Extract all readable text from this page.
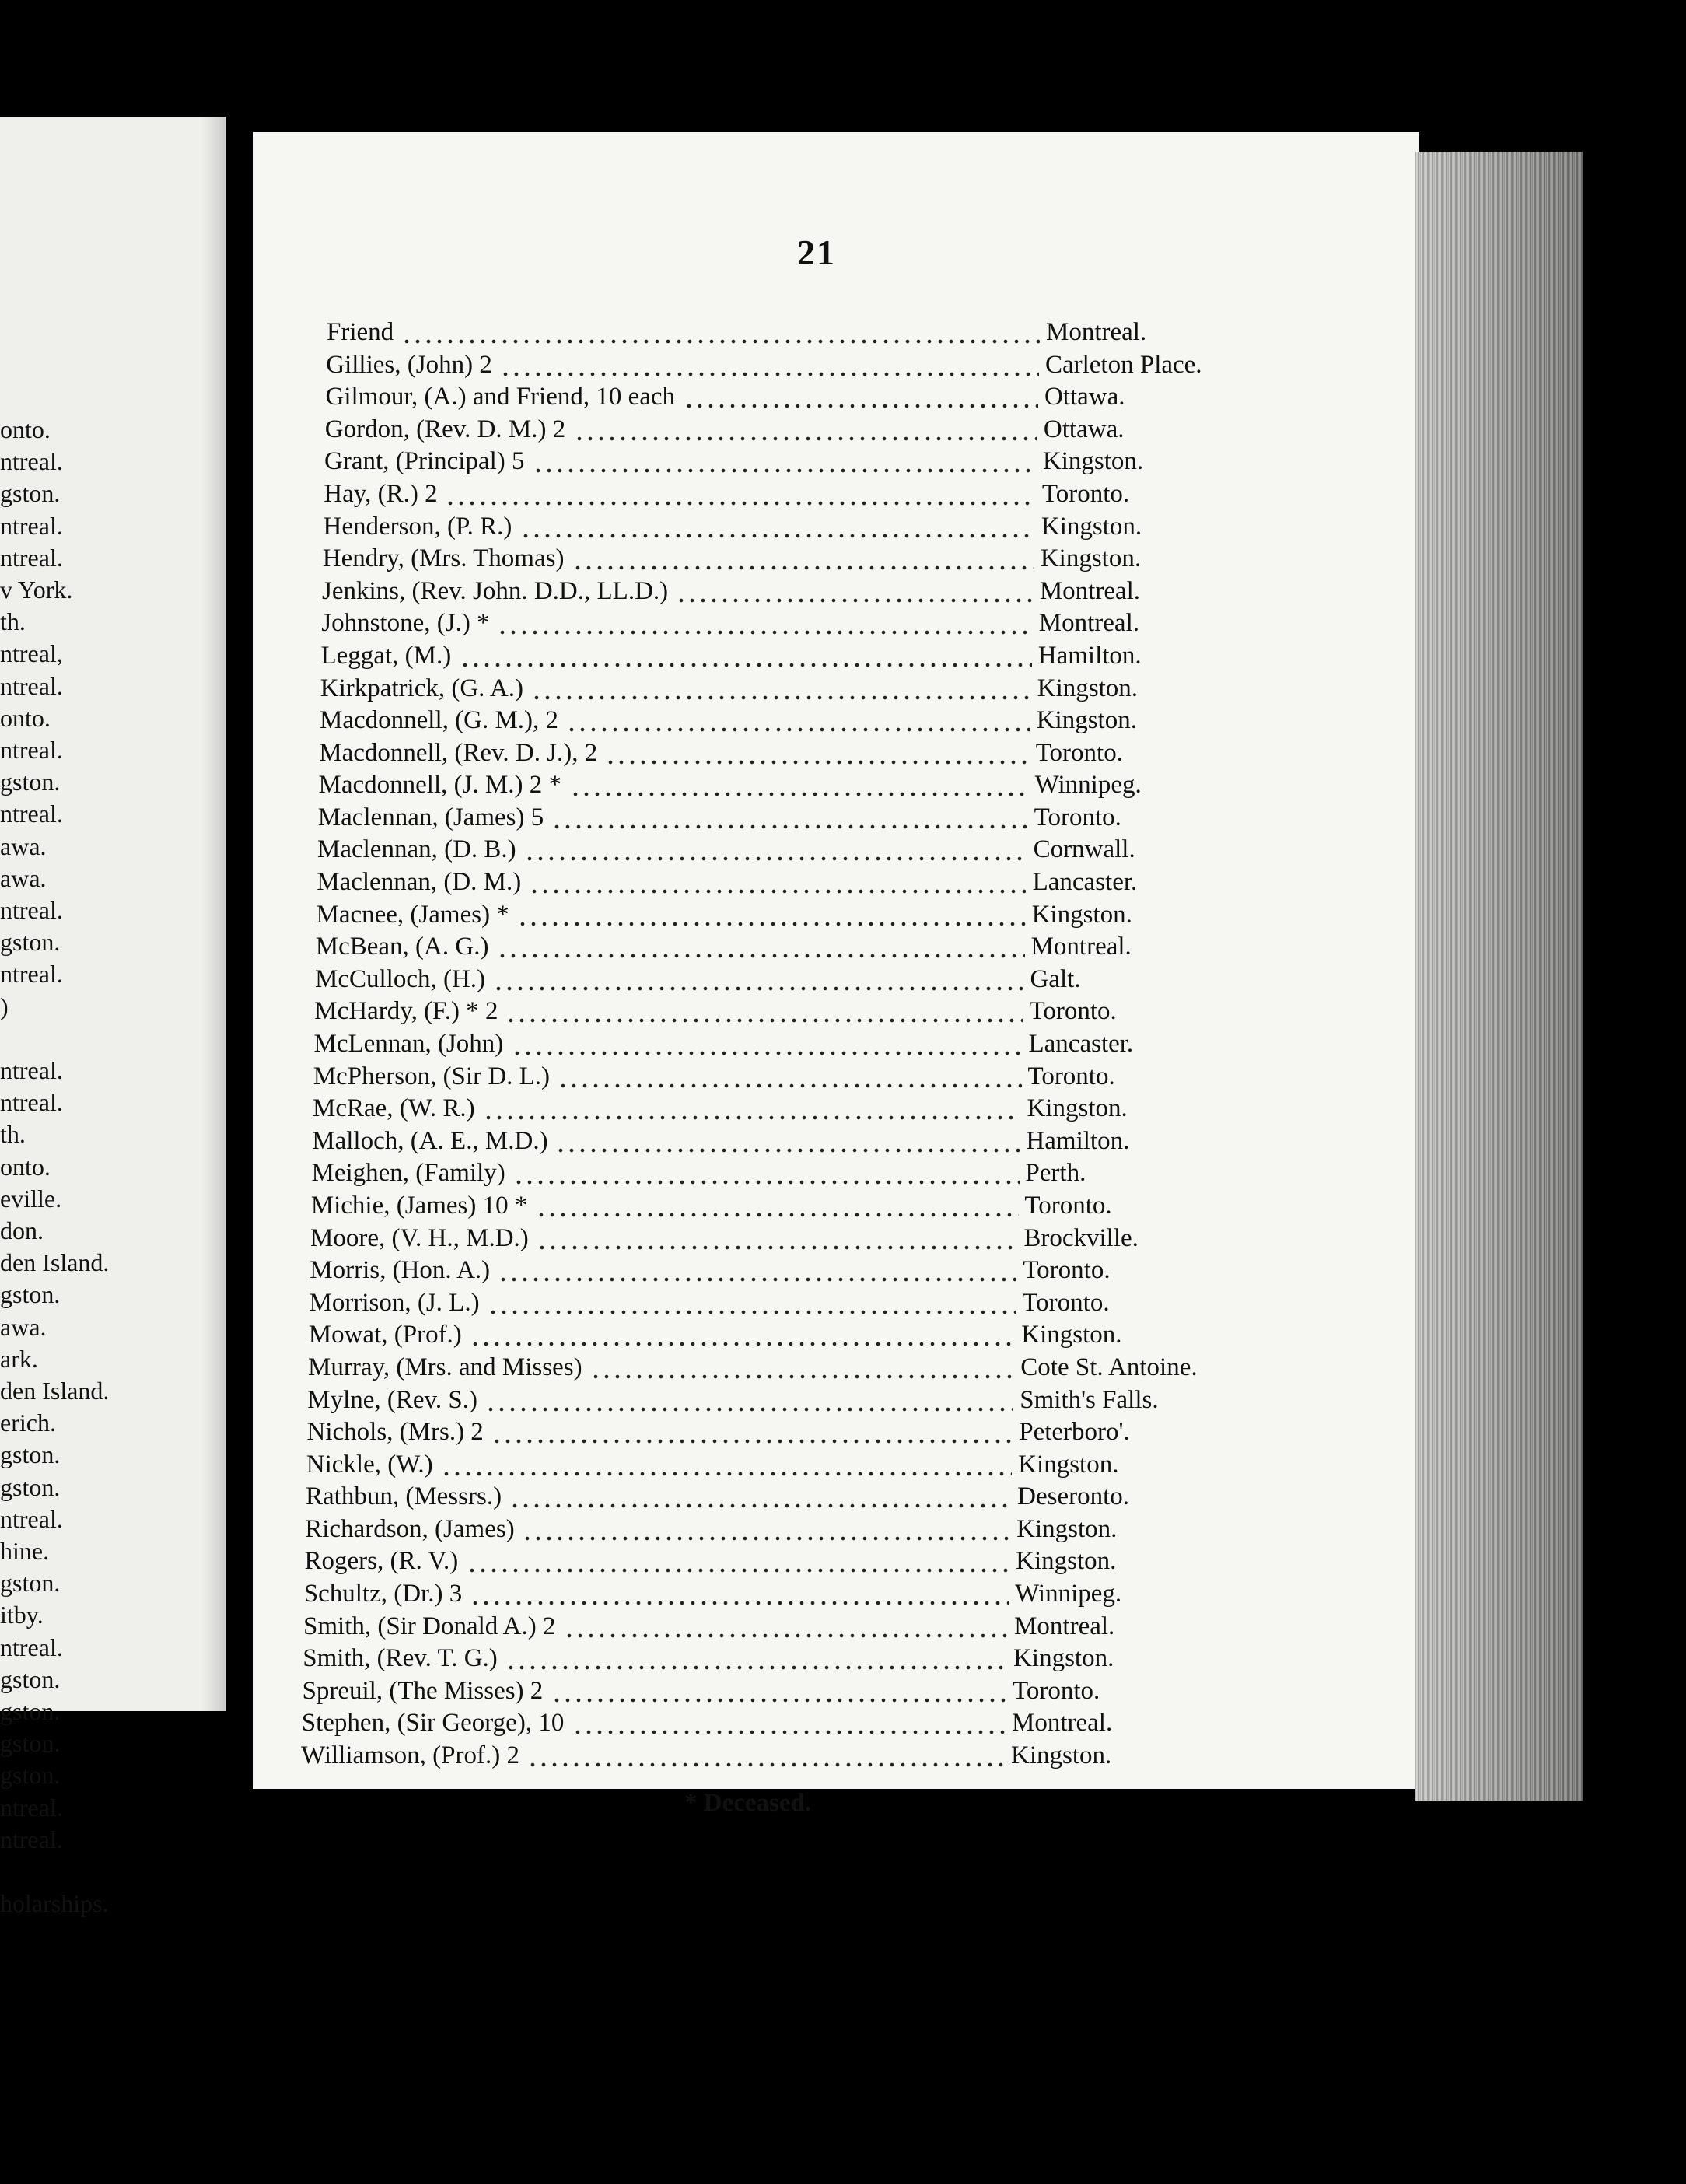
onto.
ntreal.
gston.
ntreal.
ntreal.
v York.
th.
ntreal,
ntreal.
onto.
ntreal.
gston.
ntreal.
awa.
awa.
ntreal.
gston.
ntreal.
)
ntreal.
ntreal.
th.
onto.
eville.
don.
den Island.
gston.
awa.
ark.
den Island.
erich.
gston.
gston.
ntreal.
hine.
gston.
itby.
ntreal.
gston.
gston.
gston.
gston.
ntreal.
ntreal.
holarships.
21
Friend	Montreal.
Gillies, (John) 2	Carleton Place.
Gilmour, (A.) and Friend, 10 each	Ottawa.
Gordon, (Rev. D. M.) 2	Ottawa.
Grant, (Principal) 5	Kingston.
Hay, (R.) 2	Toronto.
Henderson, (P. R.)	Kingston.
Hendry, (Mrs. Thomas)	Kingston.
Jenkins, (Rev. John. D.D., LL.D.)	Montreal.
Johnstone, (J.) *	Montreal.
Leggat, (M.)	Hamilton.
Kirkpatrick, (G. A.)	Kingston.
Macdonnell, (G. M.), 2	Kingston.
Macdonnell, (Rev. D. J.), 2	Toronto.
Macdonnell, (J. M.) 2 *	Winnipeg.
Maclennan, (James) 5	Toronto.
Maclennan, (D. B.)	Cornwall.
Maclennan, (D. M.)	Lancaster.
Macnee, (James) *	Kingston.
McBean, (A. G.)	Montreal.
McCulloch, (H.)	Galt.
McHardy, (F.) * 2	Toronto.
McLennan, (John)	Lancaster.
McPherson, (Sir D. L.)	Toronto.
McRae, (W. R.)	Kingston.
Malloch, (A. E., M.D.)	Hamilton.
Meighen, (Family)	Perth.
Michie, (James) 10 *	Toronto.
Moore, (V. H., M.D.)	Brockville.
Morris, (Hon. A.)	Toronto.
Morrison, (J. L.)	Toronto.
Mowat, (Prof.)	Kingston.
Murray, (Mrs. and Misses)	Cote St. Antoine.
Mylne, (Rev. S.)	Smith's Falls.
Nichols, (Mrs.) 2	Peterboro'.
Nickle, (W.)	Kingston.
Rathbun, (Messrs.)	Deseronto.
Richardson, (James)	Kingston.
Rogers, (R. V.)	Kingston.
Schultz, (Dr.) 3	Winnipeg.
Smith, (Sir Donald A.) 2	Montreal.
Smith, (Rev. T. G.)	Kingston.
Spreuil, (The Misses) 2	Toronto.
Stephen, (Sir George), 10	Montreal.
Williamson, (Prof.) 2	Kingston.
* Deceased.
